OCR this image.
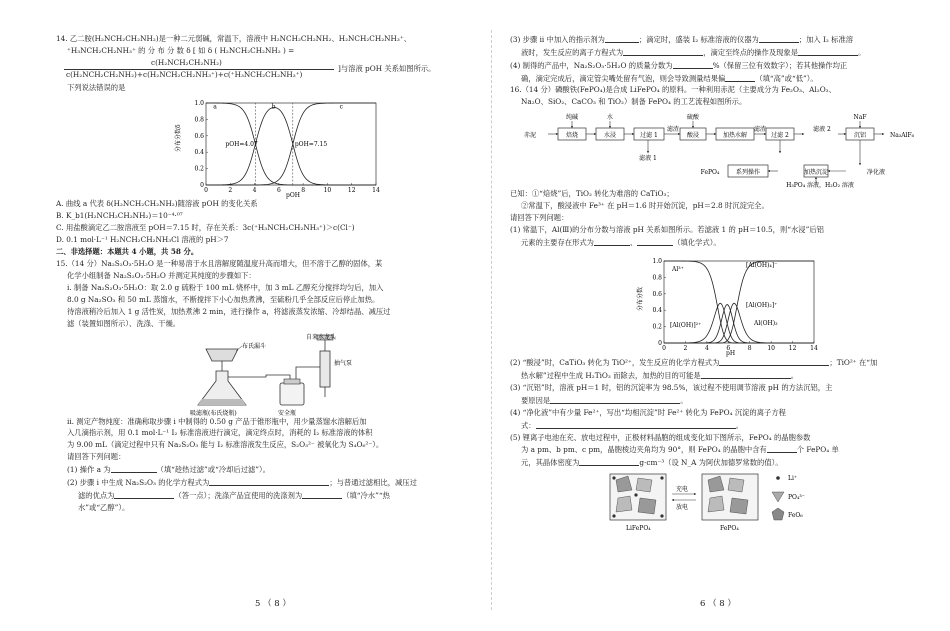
14. 乙二胺(H₂NCH₂CH₂NH₂)是一种二元弱碱，常温下，溶液中 H₂NCH₂CH₂NH₂、H₂NCH₂CH₂NH₃⁺、
⁺H₃NCH₂CH₂NH₃⁺ 的 分 布 分 数 δ [ 如 δ ( H₂NCH₂CH₂NH₂ ) =
c(H₂NCH₂CH₂NH₂)
c(H₂NCH₂CH₂NH₂)+c(H₂NCH₂CH₂NH₃⁺)+c(⁺H₃NCH₂CH₂NH₃⁺)
]与溶液 pOH 关系如图所示。
下列说法错误的是
分布分数δ
pOH
0	2	4	6	8	10	12	14
0
0.2
0.4
0.6
0.8
1.0
pOH=4.07	pOH=7.15
a	b	c
A. 曲线 a 代表 δ(H₂NCH₂CH₂NH₂)随溶液 pOH 的变化关系
B. K_b1(H₂NCH₂CH₂NH₂)＝10⁻⁴·⁰⁷
C. 用盐酸滴定乙二胺溶液至 pOH＝7.15 时，存在关系：3c(⁺H₃NCH₂CH₂NH₃⁺)＞c(Cl⁻)
D. 0.1 mol·L⁻¹ H₂NCH₂CH₂NH₃Cl 溶液的 pH＞7
二、非选择题：本题共 4 小题，共 58 分。
15.（14 分）Na₂S₂O₃·5H₂O 是一种易溶于水且溶解度随温度升高而增大，但不溶于乙醇的固体，某
化学小组制备 Na₂S₂O₃·5H₂O 并测定其纯度的步骤如下：
i. 制备 Na₂S₂O₃·5H₂O：取 2.0 g 硫粉于 100 mL 烧杯中，加 3 mL 乙醇充分搅拌均匀后，加入
8.0 g Na₂SO₃ 和 50 mL 蒸馏水，不断搅拌下小心加热煮沸，至硫粉几乎全部反应后停止加热。
待溶液稍冷后加入 1 g 活性炭，加热煮沸 2 min，进行操作 a，将滤液蒸发浓缩、冷却结晶、减压过
滤（装置如图所示）、洗涤、干燥。
布氏漏斗
自来水龙头
抽气泵
吸滤瓶(布氏烧瓶)	安全瓶
ii. 测定产物纯度：准确称取步骤 i 中制得的 0.50 g 产品于锥形瓶中，用少量蒸馏水溶解后加
入几滴指示剂，用 0.1 mol·L⁻¹ I₂ 标准溶液进行滴定，滴定终点时，消耗的 I₂ 标准溶液的体积
为 9.00 mL（滴定过程中只有 Na₂S₂O₃ 能与 I₂ 标准溶液发生反应，S₂O₃²⁻ 被氧化为 S₄O₆²⁻）。
请回答下列问题：
(1) 操作 a 为	（填“趁热过滤”或“冷却后过滤”）。
(2) 步骤 i 中生成 Na₂S₂O₃ 的化学方程式为	；与普通过滤相比，减压过
滤的优点为	（答一点）；洗涤产品宜使用的洗涤剂为	（填“冷水”“热
水”或“乙醇”）。
5 （ 8 ）
(3) 步骤 ii 中加入的指示剂为	；滴定时，盛装 I₂ 标准溶液的仪器为	；加入 I₂ 标准溶
液时，发生反应的离子方程式为	，滴定至终点的操作及现象是	。
(4) 制得的产品中，Na₂S₂O₃·5H₂O 的质量分数为	%（保留三位有效数字）；若其他操作均正
确，滴定完成后，滴定管尖嘴处留有气泡，则会导致测量结果偏	（填“高”或“低”）。
16.（14 分）磷酸铁(FePO₄)是合成 LiFePO₄ 的原料。一种利用赤泥（主要成分为 Fe₂O₃、Al₂O₃、
Na₂O、SiO₂、CaCO₃ 和 TiO₂）制备 FePO₄ 的工艺流程如图所示。
焙烧	水浸	过滤 1	酸浸	加热水解	过滤 2	沉铝
系列操作	加热沉淀
纯碱	水	硫酸	NaF
赤泥
滤渣
滤液 1
滤渣	滤液 2
Na₃AlF₆
FePO₄	净化液
H₃PO₄ 溶液，H₂O₂ 溶液
已知：①“焙烧”后，TiO₂ 转化为难溶的 CaTiO₃；
②常温下，酸浸液中 Fe³⁺ 在 pH＝1.6 时开始沉淀，pH＝2.8 时沉淀完全。
请回答下列问题：
(1) 常温下，Al(Ⅲ)的分布分数与溶液 pH 关系如图所示。若滤液 1 的 pH＝10.5，则“水浸”后铝
元素的主要存在形式为	、	（填化学式）。
分布分数
pH
0	2	4	6	8	10 12 14
0
0.2
0.4
0.6
0.8
1.0
Al³⁺
[Al(OH)₄]⁻
[Al(OH)₂]⁺
[Al(OH)]²⁺	Al(OH)₃
(2) “酸浸”时，CaTiO₃ 转化为 TiO²⁺，发生反应的化学方程式为	；TiO²⁺ 在“加
热水解”过程中生成 H₂TiO₃ 而除去，加热的目的可能是	。
(3) “沉铝”时，溶液 pH＝1 时，铝的沉淀率为 98.5%，该过程不使用调节溶液 pH 的方法沉铝，主
要原因是	。
(4) “净化液”中有少量 Fe²⁺，写出“均相沉淀”时 Fe²⁺ 转化为 FePO₄ 沉淀的离子方程
式：	。
(5) 锂离子电池在充、放电过程中，正极材料晶胞的组成变化如下图所示，FePO₄ 的晶胞参数
为 a pm、b pm、c pm，晶胞棱边夹角均为 90°，则 FePO₄ 的晶胞中含有	个 FePO₄ 单
元，其晶体密度为	g·cm⁻³（设 N_A 为阿伏加德罗常数的值）。
LiFePO₄
充电
放电
FePO₄
Li⁺
PO₄³⁻
FeO₆
6 （ 8 ）
